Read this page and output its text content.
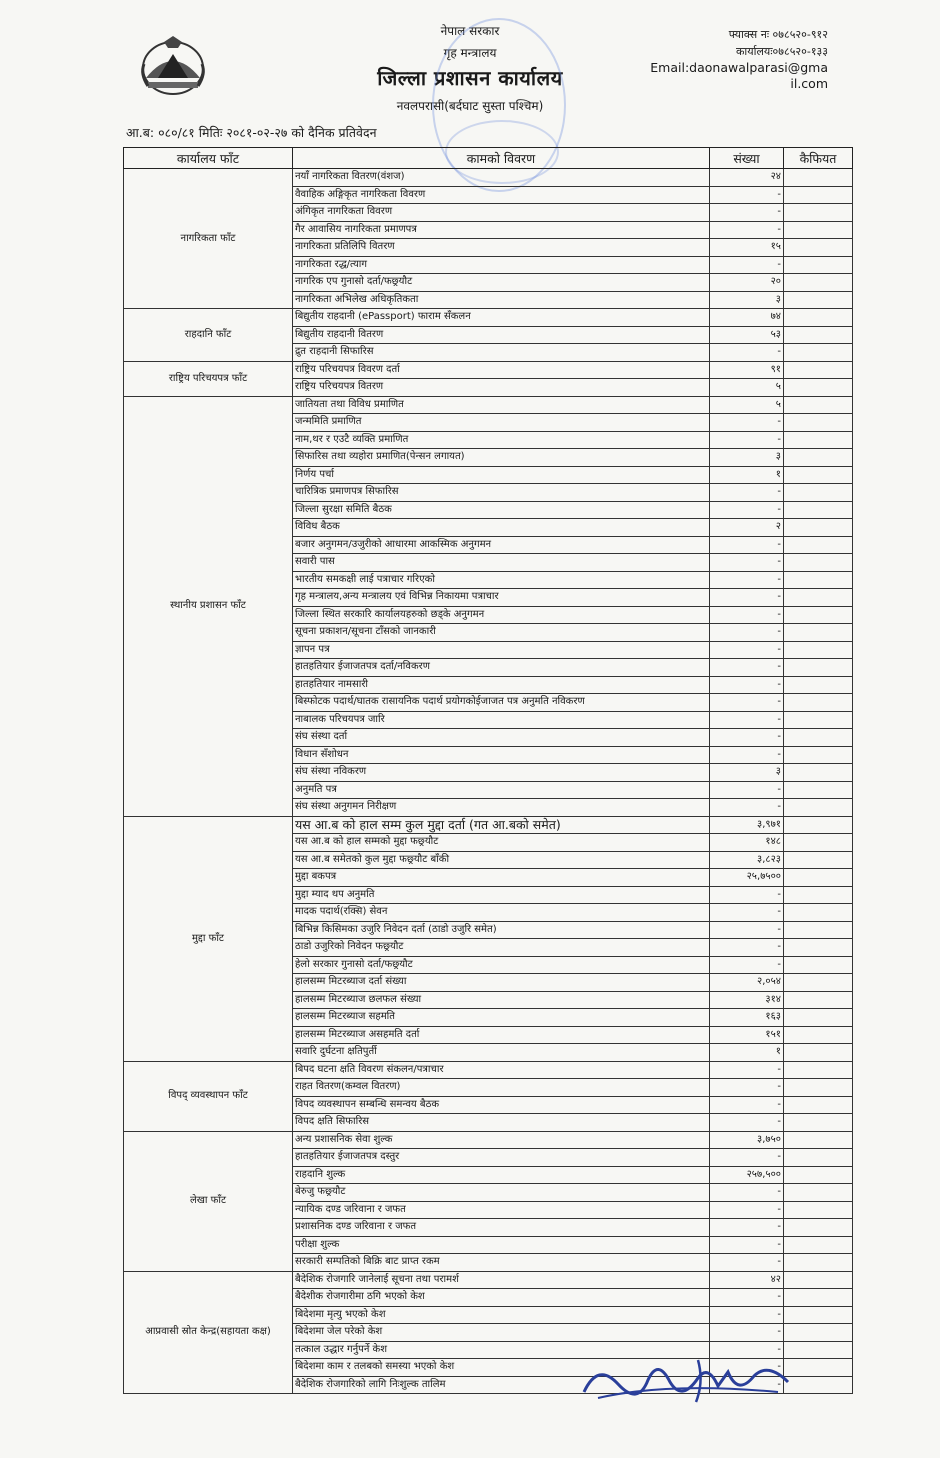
नेपाल सरकार
गृह मन्त्रालय
जिल्ला प्रशासन कार्यालय
नवलपरासी(बर्दघाट सुस्ता पश्चिम)
फ्याक्स नः ०७८५२०-९१२
कार्यालयः०७८५२०-१३३
Email:daonawalparasi@gmail.com
आ.ब: ०८०/८१ मितिः २०८१-०२-२७ को दैनिक प्रतिवेदन
कार्यालय फाँट	कामको विवरण	संख्या	कैफियत
नागरिकता फाँट	नयाँ नागरिकता वितरण(वंशज)	२४	
	वैवाहिक अङ्गिकृत नागरिकता विवरण	-	
	अंगिकृत नागरिकता विवरण	-	
	गैर आवासिय नागरिकता प्रमाणपत्र	-	
	नागरिकता प्रतिलिपि वितरण	१५	
	नागरिकता रद्ध/त्याग	-	
	नागरिक एप गुनासो दर्ता/फछ्र्यौट	२०	
	नागरिकता अभिलेख अधिकृतिकता	३	
राहदानि फाँट	बिद्युतीय राहदानी (ePassport) फाराम सँकलन	७४	
	बिद्युतीय राहदानी वितरण	५३	
	द्रुत राहदानी सिफारिस	-	
राष्ट्रिय परिचयपत्र फाँट	राष्ट्रिय परिचयपत्र विवरण दर्ता	९१	
	राष्ट्रिय परिचयपत्र वितरण	५	
स्थानीय प्रशासन फाँट	जातियता तथा विविध प्रमाणित	५	
	जन्ममिति प्रमाणित	-	
	नाम,थर र एउटै व्यक्ति प्रमाणित	-	
	सिफारिस तथा व्यहोरा प्रमाणित(पेन्सन लगायत)	३	
	निर्णय पर्चा	१	
	चारित्रिक प्रमाणपत्र सिफारिस	-	
	जिल्ला सुरक्षा समिति बैठक	-	
	विविध बैठक	२	
	बजार अनुगमन/उजुरीको आधारमा आकस्मिक अनुगमन	-	
	सवारी पास	-	
	भारतीय समकक्षी लाई पत्राचार गरिएको	-	
	गृह मन्त्रालय,अन्य मन्त्रालय एवं विभिन्न निकायमा पत्राचार	-	
	जिल्ला स्थित सरकारि कार्यालयहरुको छड्के अनुगमन	-	
	सूचना प्रकाशन/सूचना टाँसको जानकारी	-	
	ज्ञापन पत्र	-	
	हातहतियार ईजाजतपत्र दर्ता/नविकरण	-	
	हातहतियार नामसारी	-	
	बिस्फोटक पदार्थ/घातक रासायनिक पदार्थ प्रयोगकोईजाजत पत्र अनुमति नविकरण	-	
	नाबालक परिचयपत्र जारि	-	
	संघ संस्था दर्ता	-	
	विधान सँशोधन	-	
	संघ संस्था नविकरण	३	
	अनुमति पत्र	-	
	संघ संस्था अनुगमन निरीक्षण	-	
मुद्दा फाँट	यस आ.ब को हाल सम्म कुल मुद्दा दर्ता (गत आ.बको समेत)	३,९७१	
	यस आ.ब को हाल सम्मको मुद्दा फछ्र्यौट	१४८	
	यस आ.ब समेतको कुल मुद्दा फछ्र्यौट बाँकी	३,८२३	
	मुद्दा बकपत्र	२५,७५००	
	मुद्दा म्याद थप अनुमति	-	
	मादक पदार्थ(रक्सि) सेवन	-	
	बिभिन्न किसिमका उजुरि निवेदन दर्ता (ठाडो उजुरि समेत)	-	
	ठाडो उजुरिको निवेदन फछ्र्यौट	-	
	हेलो सरकार गुनासो दर्ता/फछ्र्यौट	-	
	हालसम्म मिटरब्याज दर्ता संख्या	२,०५४	
	हालसम्म मिटरब्याज छलफल संख्या	३१४	
	हालसम्म मिटरब्याज सहमति	१६३	
	हालसम्म मिटरब्याज असहमति दर्ता	१५१	
	सवारि दुर्घटना क्षतिपुर्ती	१	
विपद् व्यवस्थापन फाँट	बिपद घटना क्षति विवरण संकलन/पत्राचार	-	
	राहत वितरण(कम्वल वितरण)	-	
	विपद व्यवस्थापन सम्बन्धि समन्वय बैठक	-	
	विपद क्षति सिफारिस	-	
लेखा फाँट	अन्य प्रशासनिक सेवा शुल्क	३,७५०	
	हातहतियार ईजाजतपत्र दस्तुर	-	
	राहदानि शुल्क	२५७,५००	
	बेरुजु फछ्र्यौट	-	
	न्यायिक दण्ड जरिवाना र जफत	-	
	प्रशासनिक दण्ड जरिवाना र जफत	-	
	परीक्षा शुल्क	-	
	सरकारी सम्पतिको बिक्रि बाट प्राप्त रकम	-	
आप्रवासी स्रोत केन्द्र(सहायता कक्ष)	बैदेशिक रोजगारि जानेलाई सूचना तथा परामर्श	४२	
	बैदेशीक रोजगारीमा ठगि भएको केश	-	
	बिदेशमा मृत्यु भएको केश	-	
	बिदेशमा जेल परेको केश	-	
	तत्काल उद्धार गर्नुपर्ने केश	-	
	बिदेशमा काम र तलबको समस्या भएको केश	-	
	बैदेशिक रोजगारिको लागि निःशुल्क तालिम	-	
